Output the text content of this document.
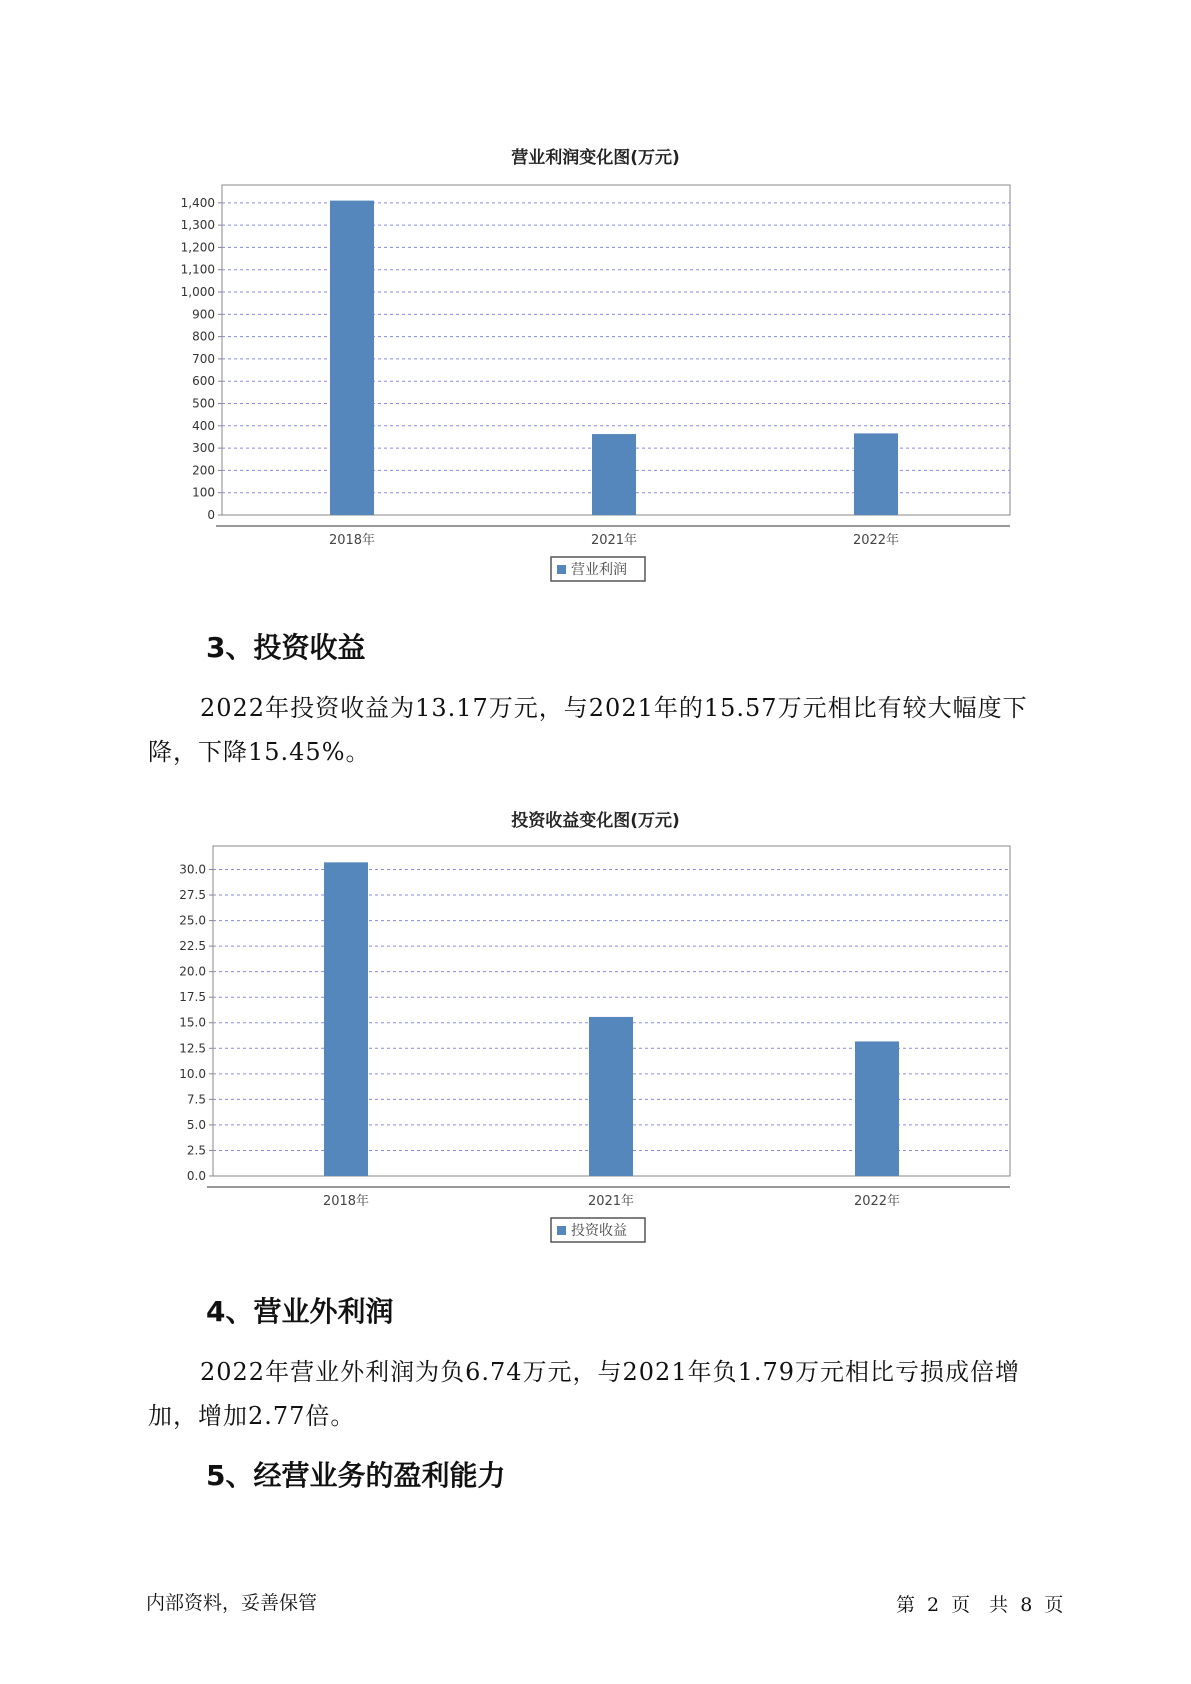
营业利润变化图(万元)
0
100
200
300
400
500
600
700
800
900
1,000
1,100
1,200
1,300
1,400
2018年	2021年	2022年
营业利润
3、投资收益
2022年投资收益为13.17万元，与2021年的15.57万元相比有较大幅度下降，下降15.45%。
投资收益变化图(万元)
0.0
2.5
5.0
7.5
10.0
12.5
15.0
17.5
20.0
22.5
25.0
27.5
30.0
2018年	2021年	2022年
投资收益
4、营业外利润
2022年营业外利润为负6.74万元，与2021年负1.79万元相比亏损成倍增加，增加2.77倍。
5、经营业务的盈利能力
内部资料，妥善保管	第 2 页　共 8 页
